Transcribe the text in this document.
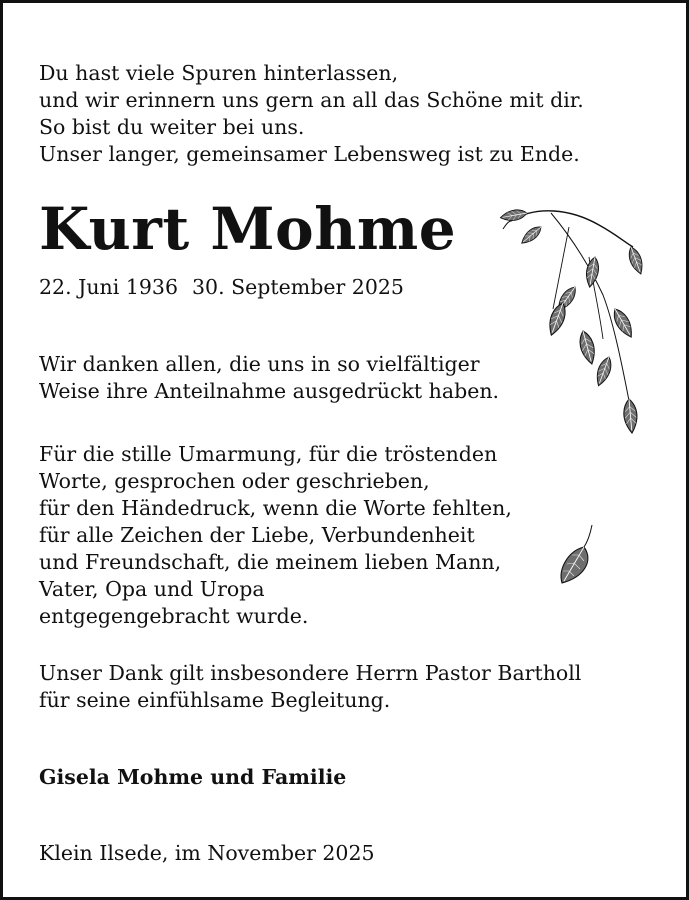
Du hast viele Spuren hinterlassen,
und wir erinnern uns gern an all das Schöne mit dir.
So bist du weiter bei uns.
Unser langer, gemeinsamer Lebensweg ist zu Ende.

Kurt Mohme

22. Juni 1936 30. September 2025

Wir danken allen, die uns in so vielfältiger
Weise ihre Anteilnahme ausgedrückt haben.

Für die stille Umarmung, für die tröstenden
Worte, gesprochen oder geschrieben,
für den Händedruck, wenn die Worte fehlten,
für alle Zeichen der Liebe, Verbundenheit
und Freundschaft, die meinem lieben Mann,
Vater, Opa und Uropa
entgegengebracht wurde.

Unser Dank gilt insbesondere Herrn Pastor Bartholl
für seine einfühlsame Begleitung.

Gisela Mohme und Familie

Klein Ilsede, im November 2025
